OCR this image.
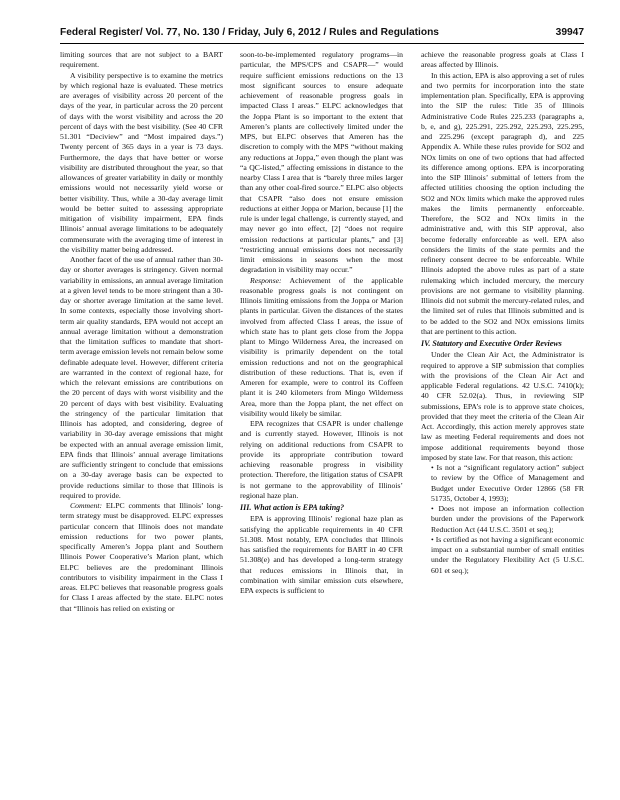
Federal Register/ Vol. 77, No. 130 / Friday, July 6, 2012 / Rules and Regulations	39947

limiting sources that are not subject to a BART requirement.

A visibility perspective is to examine the metrics by which regional haze is evaluated. These metrics are averages of visibility across 20 percent of the days of the year, in particular across the 20 percent of days with the worst visibility and across the 20 percent of days with the best visibility. (See 40 CFR 51.301 “Deciview” and “Most impaired days.”) Twenty percent of 365 days in a year is 73 days. Furthermore, the days that have better or worse visibility are distributed throughout the year, so that allowances of greater variability in daily or monthly emissions would not necessarily yield worse or better visibility. Thus, while a 30-day average limit would be better suited to assessing appropriate mitigation of visibility impairment, EPA finds Illinois’ annual average limitations to be adequately commensurate with the averaging time of interest in the visibility matter being addressed.

Another facet of the use of annual rather than 30-day or shorter averages is stringency. Given normal variability in emissions, an annual average limitation at a given level tends to be more stringent than a 30-day or shorter average limitation at the same level. In some contexts, especially those involving short-term air quality standards, EPA would not accept an annual average limitation without a demonstration that the limitation suffices to mandate that short-term average emission levels not remain below some definable adequate level. However, different criteria are warranted in the context of regional haze, for which the relevant emissions are contributions on the 20 percent of days with worst visibility and the 20 percent of days with best visibility. Evaluating the stringency of the particular limitation that Illinois has adopted, and considering, degree of variability in 30-day average emissions that might be expected with an annual average emission limit, EPA finds that Illinois’ annual average limitations are sufficiently stringent to conclude that emissions on a 30-day average basis can be expected to provide reductions similar to those that Illinois is required to provide.

Comment: ELPC comments that Illinois’ long-term strategy must be disapproved. ELPC expresses particular concern that Illinois does not mandate emission reductions for two power plants, specifically Ameren’s Joppa plant and Southern Illinois Power Cooperative’s Marion plant, which ELPC believes are the predominant Illinois contributors to visibility impairment in the Class I areas. ELPC believes that reasonable progress goals for Class I areas affected by the state. ELPC notes that “Illinois has relied on existing or

soon-to-be-implemented regulatory programs—in particular, the MPS/CPS and CSAPR—” would require sufficient emissions reductions on the 13 most significant sources to ensure adequate achievement of reasonable progress goals in impacted Class I areas.” ELPC acknowledges that the Joppa Plant is so important to the extent that Ameren’s plants are collectively limited under the MPS, but ELPC observes that Ameren has the discretion to comply with the MPS “without making any reductions at Joppa,” even though the plant was “a QC-listed,” affecting emissions in distance to the nearby Class I area that is “barely three miles larger than any other coal-fired source.” ELPC also objects that CSAPR “also does not ensure emission reductions at either Joppa or Marion, because [1] the rule is under legal challenge, is currently stayed, and may never go into effect, [2] “does not require emission reductions at particular plants,” and [3] “restricting annual emissions does not necessarily limit emissions in seasons when the most degradation in visibility may occur.”

Response: Achievement of the applicable reasonable progress goals is not contingent on Illinois limiting emissions from the Joppa or Marion plants in particular. Given the distances of the states involved from affected Class I areas, the issue of which state has to plant gets close from the Joppa plant to Mingo Wilderness Area, the increased on visibility is primarily dependent on the total emission reductions and not on the geographical distribution of these reductions. That is, even if Ameren for example, were to control its Coffeen plant it is 240 kilometers from Mingo Wilderness Area, more than the Joppa plant, the net effect on visibility would likely be similar.

EPA recognizes that CSAPR is under challenge and is currently stayed. However, Illinois is not relying on additional reductions from CSAPR to provide its appropriate contribution toward achieving reasonable progress in visibility protection. Therefore, the litigation status of CSAPR is not germane to the approvability of Illinois’ regional haze plan.

III. What action is EPA taking?

EPA is approving Illinois’ regional haze plan as satisfying the applicable requirements in 40 CFR 51.308. Most notably, EPA concludes that Illinois has satisfied the requirements for BART in 40 CFR 51.308(e) and has developed a long-term strategy that reduces emissions in Illinois that, in combination with similar emission cuts elsewhere, EPA expects is sufficient to

achieve the reasonable progress goals at Class I areas affected by Illinois.

In this action, EPA is also approving a set of rules and two permits for incorporation into the state implementation plan. Specifically, EPA is approving into the SIP the rules: Title 35 of Illinois Administrative Code Rules 225.233 (paragraphs a, b, e, and g), 225.291, 225.292, 225.293, 225.295, and 225.296 (except paragraph d), and 225 Appendix A. While these rules provide for SO2 and NOx limits on one of two options that had affected its difference among options. EPA is incorporating into the SIP Illinois’ submittal of letters from the affected utilities choosing the option including the SO2 and NOx limits which make the approved rules makes the limits permanently enforceable. Therefore, the SO2 and NOx limits in the administrative and, with this SIP approval, also become federally enforceable as well. EPA also considers the limits of the state permits and the refinery consent decree to be enforceable. While Illinois adopted the above rules as part of a state rulemaking which included mercury, the mercury provisions are not germane to visibility planning. Illinois did not submit the mercury-related rules, and the limited set of rules that Illinois submitted and is to be added to the SO2 and NOx emissions limits that are pertinent to this action.

IV. Statutory and Executive Order Reviews

Under the Clean Air Act, the Administrator is required to approve a SIP submission that complies with the provisions of the Clean Air Act and applicable Federal regulations. 42 U.S.C. 7410(k); 40 CFR 52.02(a). Thus, in reviewing SIP submissions, EPA’s role is to approve state choices, provided that they meet the criteria of the Clean Air Act. Accordingly, this action merely approves state law as meeting Federal requirements and does not impose additional requirements beyond those imposed by state law. For that reason, this action:

• Is not a “significant regulatory action” subject to review by the Office of Management and Budget under Executive Order 12866 (58 FR 51735, October 4, 1993);

• Does not impose an information collection burden under the provisions of the Paperwork Reduction Act (44 U.S.C. 3501 et seq.);

• Is certified as not having a significant economic impact on a substantial number of small entities under the Regulatory Flexibility Act (5 U.S.C. 601 et seq.);
